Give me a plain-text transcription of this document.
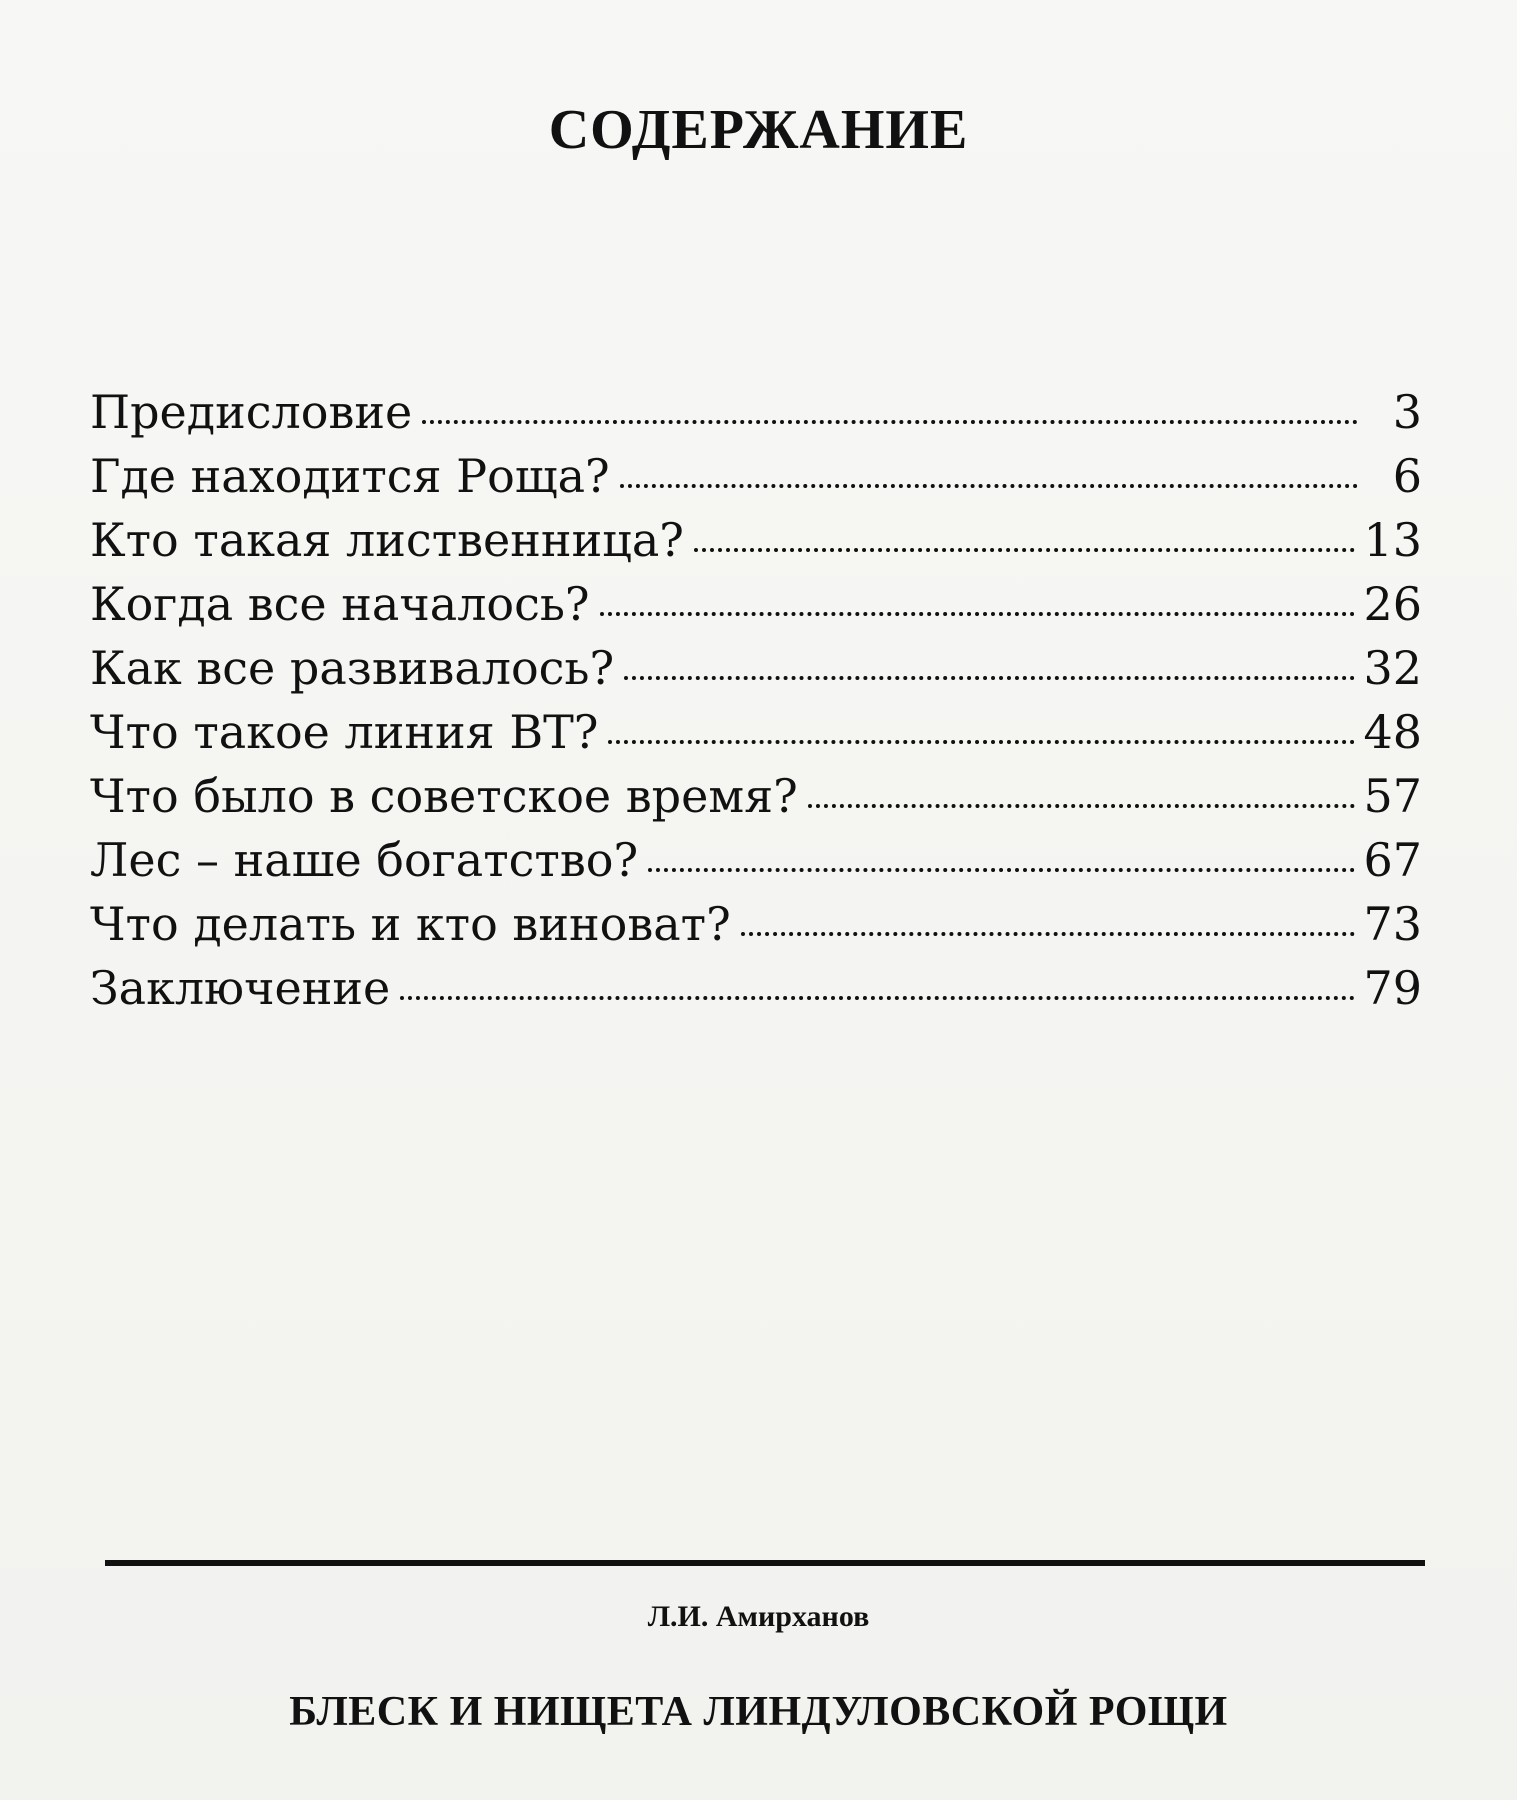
СОДЕРЖАНИЕ
Предисловие	3
Где находится Роща?	6
Кто такая лиственница?	13
Когда все началось?	26
Как все развивалось?	32
Что такое линия ВТ?	48
Что было в советское время?	57
Лес – наше богатство?	67
Что делать и кто виноват?	73
Заключение	79
Л.И. Амирханов
БЛЕСК И НИЩЕТА ЛИНДУЛОВСКОЙ РОЩИ
